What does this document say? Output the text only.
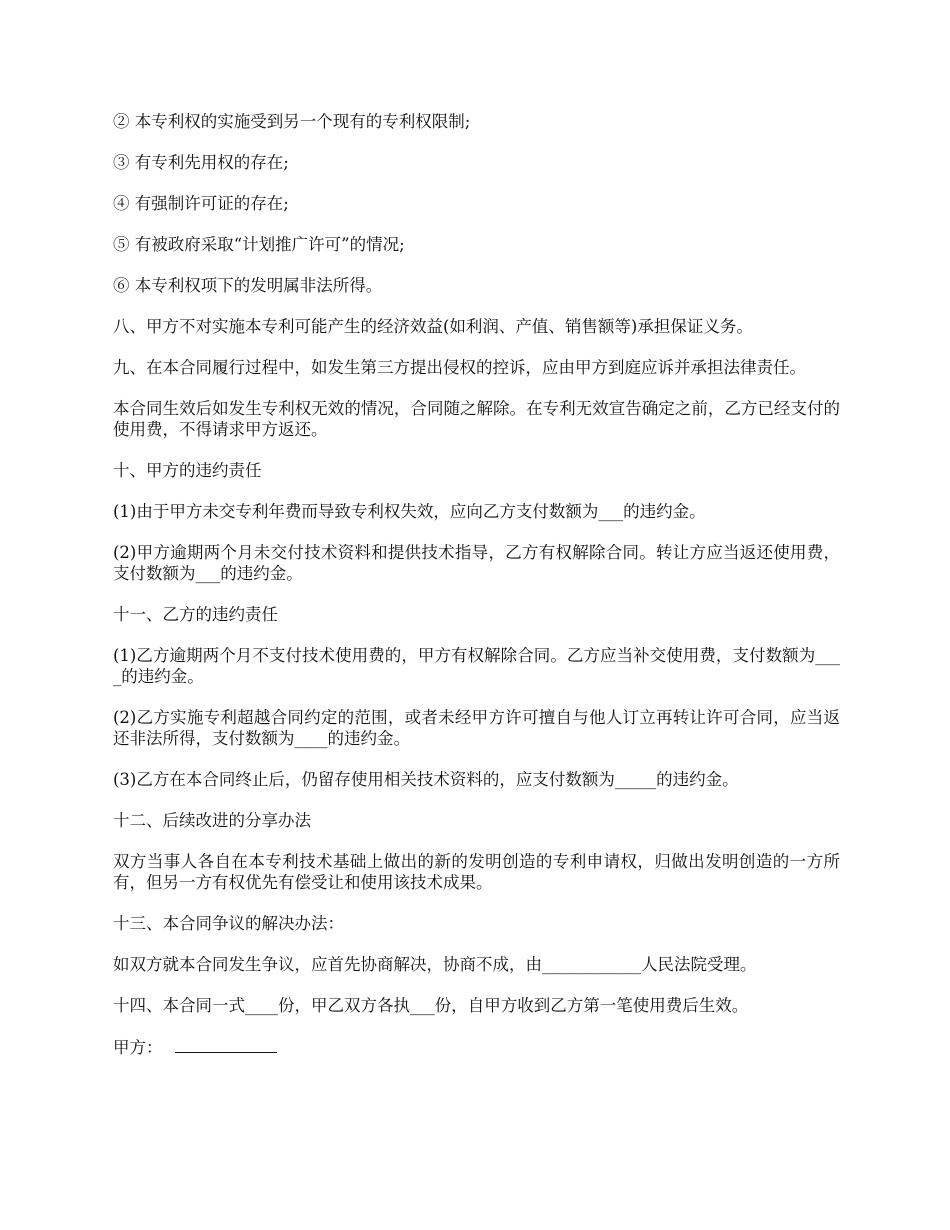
② 本专利权的实施受到另一个现有的专利权限制;

③ 有专利先用权的存在;

④ 有强制许可证的存在;

⑤ 有被政府采取“计划推广许可”的情况;

⑥ 本专利权项下的发明属非法所得。

八、甲方不对实施本专利可能产生的经济效益(如利润、产值、销售额等)承担保证义务。

九、在本合同履行过程中，如发生第三方提出侵权的控诉，应由甲方到庭应诉并承担法律责任。

本合同生效后如发生专利权无效的情况，合同随之解除。在专利无效宣告确定之前，乙方已经支付的使用费，不得请求甲方返还。

十、甲方的违约责任

(1)由于甲方未交专利年费而导致专利权失效，应向乙方支付数额为___的违约金。

(2)甲方逾期两个月未交付技术资料和提供技术指导，乙方有权解除合同。转让方应当返还使用费，支付数额为___的违约金。

十一、乙方的违约责任

(1)乙方逾期两个月不支付技术使用费的，甲方有权解除合同。乙方应当补交使用费，支付数额为____的违约金。

(2)乙方实施专利超越合同约定的范围，或者未经甲方许可擅自与他人订立再转让许可合同，应当返还非法所得，支付数额为____的违约金。

(3)乙方在本合同终止后，仍留存使用相关技术资料的，应支付数额为_____的违约金。

十二、后续改进的分享办法

双方当事人各自在本专利技术基础上做出的新的发明创造的专利申请权，归做出发明创造的一方所有，但另一方有权优先有偿受让和使用该技术成果。

十三、本合同争议的解决办法：

如双方就本合同发生争议，应首先协商解决，协商不成，由____________人民法院受理。

十四、本合同一式____份，甲乙双方各执___份，自甲方收到乙方第一笔使用费后生效。

甲方：
